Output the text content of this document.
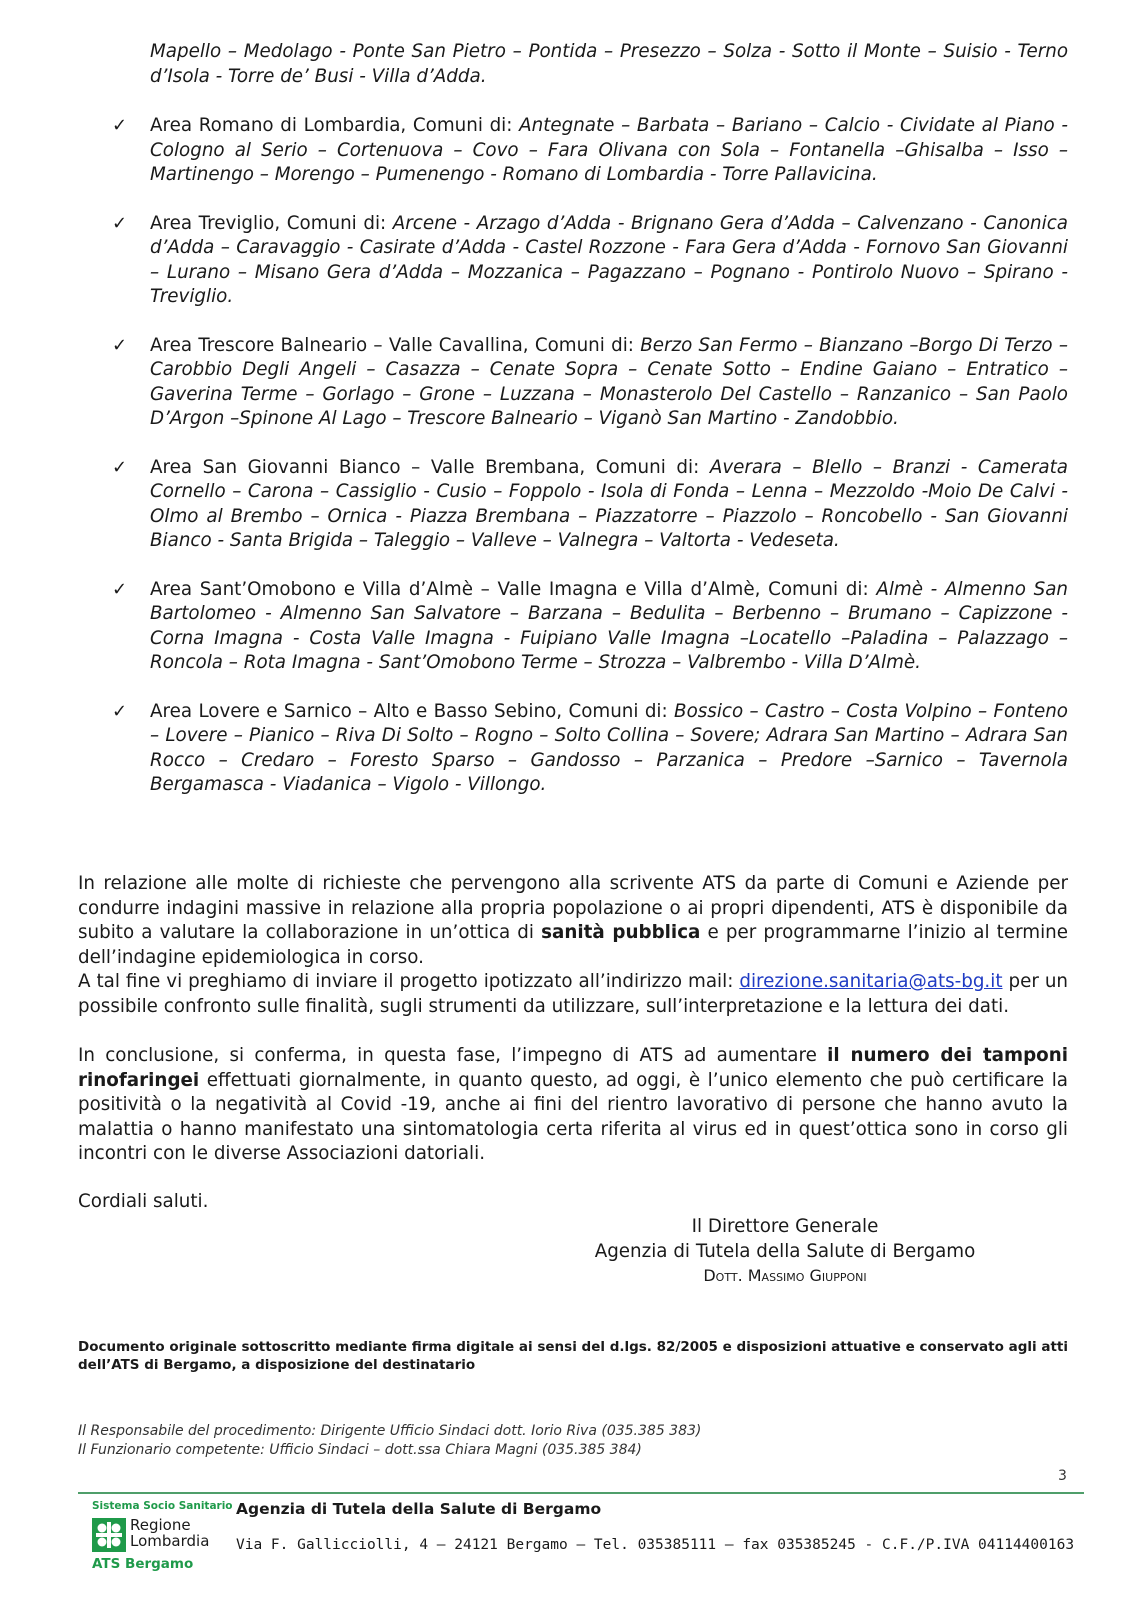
Mapello – Medolago - Ponte San Pietro – Pontida – Presezzo – Solza - Sotto il Monte – Suisio - Terno d’Isola - Torre de’ Busi - Villa d’Adda.
✓ Area Romano di Lombardia, Comuni di: Antegnate – Barbata – Bariano – Calcio - Cividate al Piano - Cologno al Serio – Cortenuova – Covo – Fara Olivana con Sola – Fontanella –Ghisalba – Isso – Martinengo – Morengo – Pumenengo - Romano di Lombardia - Torre Pallavicina.
✓ Area Treviglio, Comuni di: Arcene - Arzago d’Adda - Brignano Gera d’Adda – Calvenzano - Canonica d’Adda – Caravaggio - Casirate d’Adda - Castel Rozzone - Fara Gera d’Adda - Fornovo San Giovanni – Lurano – Misano Gera d’Adda – Mozzanica – Pagazzano – Pognano - Pontirolo Nuovo – Spirano - Treviglio.
✓ Area Trescore Balneario – Valle Cavallina, Comuni di: Berzo San Fermo – Bianzano –Borgo Di Terzo – Carobbio Degli Angeli – Casazza – Cenate Sopra – Cenate Sotto – Endine Gaiano – Entratico – Gaverina Terme – Gorlago – Grone – Luzzana – Monasterolo Del Castello – Ranzanico – San Paolo D’Argon –Spinone Al Lago – Trescore Balneario – Viganò San Martino - Zandobbio.
✓ Area San Giovanni Bianco – Valle Brembana, Comuni di: Averara – Blello – Branzi - Camerata Cornello – Carona – Cassiglio - Cusio – Foppolo - Isola di Fonda – Lenna – Mezzoldo -Moio De Calvi - Olmo al Brembo – Ornica - Piazza Brembana – Piazzatorre – Piazzolo – Roncobello - San Giovanni Bianco - Santa Brigida – Taleggio – Valleve – Valnegra – Valtorta - Vedeseta.
✓ Area Sant’Omobono e Villa d’Almè – Valle Imagna e Villa d’Almè, Comuni di: Almè - Almenno San Bartolomeo - Almenno San Salvatore – Barzana – Bedulita – Berbenno – Brumano – Capizzone - Corna Imagna - Costa Valle Imagna - Fuipiano Valle Imagna –Locatello –Paladina – Palazzago – Roncola – Rota Imagna - Sant’Omobono Terme – Strozza – Valbrembo - Villa D’Almè.
✓ Area Lovere e Sarnico – Alto e Basso Sebino, Comuni di: Bossico – Castro – Costa Volpino – Fonteno – Lovere – Pianico – Riva Di Solto – Rogno – Solto Collina – Sovere; Adrara San Martino – Adrara San Rocco – Credaro – Foresto Sparso – Gandosso – Parzanica – Predore –Sarnico – Tavernola Bergamasca - Viadanica – Vigolo - Villongo.
In relazione alle molte di richieste che pervengono alla scrivente ATS da parte di Comuni e Aziende per condurre indagini massive in relazione alla propria popolazione o ai propri dipendenti, ATS è disponibile da subito a valutare la collaborazione in un’ottica di sanità pubblica e per programmarne l’inizio al termine dell’indagine epidemiologica in corso.
A tal fine vi preghiamo di inviare il progetto ipotizzato all’indirizzo mail: direzione.sanitaria@ats-bg.it per un possibile confronto sulle finalità, sugli strumenti da utilizzare, sull’interpretazione e la lettura dei dati.
In conclusione, si conferma, in questa fase, l’impegno di ATS ad aumentare il numero dei tamponi rinofaringei effettuati giornalmente, in quanto questo, ad oggi, è l’unico elemento che può certificare la positività o la negatività al Covid -19, anche ai fini del rientro lavorativo di persone che hanno avuto la malattia o hanno manifestato una sintomatologia certa riferita al virus ed in quest’ottica sono in corso gli incontri con le diverse Associazioni datoriali.
Cordiali saluti.
Il Direttore Generale
Agenzia di Tutela della Salute di Bergamo
Dott. Massimo Giupponi
Documento originale sottoscritto mediante firma digitale ai sensi del d.lgs. 82/2005 e disposizioni attuative e conservato agli atti dell’ATS di Bergamo, a disposizione del destinatario
Il Responsabile del procedimento: Dirigente Ufficio Sindaci dott. Iorio Riva (035.385 383)
Il Funzionario competente: Ufficio Sindaci – dott.ssa Chiara Magni (035.385 384)
3
Sistema Socio Sanitario
Regione
Lombardia
ATS Bergamo
Agenzia di Tutela della Salute di Bergamo
Via F. Gallicciolli, 4 – 24121 Bergamo – Tel. 035385111 – fax 035385245 - C.F./P.IVA 04114400163
